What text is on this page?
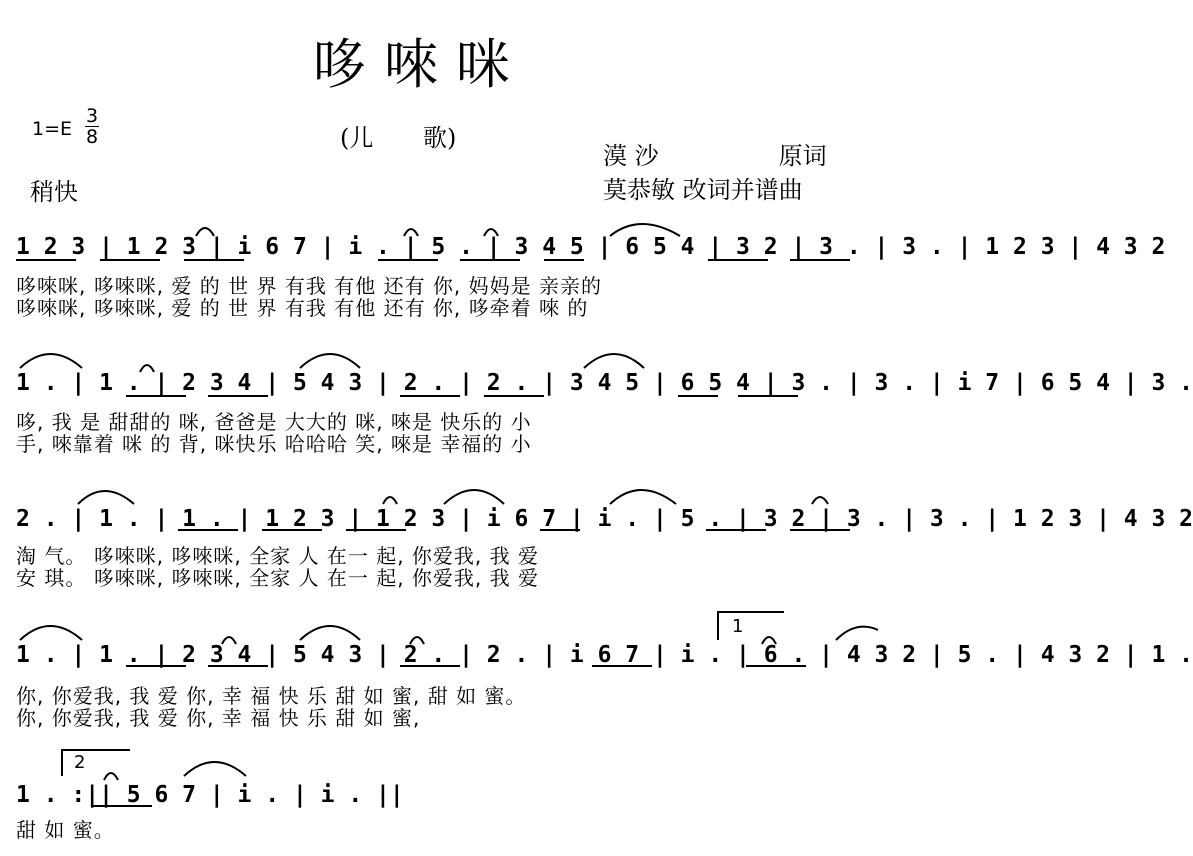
哆唻咪
(儿 歌)
1=E
3
8
稍快
漠 沙	原词
莫恭敏 改词并谱曲
1 2 3 | 1 2 3 | i 6 7 | i . | 5 . | 3 4 5 | 6 5 4 | 3 2 | 3 . | 3 . | 1 2 3 | 4 3 2
哆唻咪, 哆唻咪, 爱 的 世 界 有我 有他 还有 你, 妈妈是 亲亲的
哆唻咪, 哆唻咪, 爱 的 世 界 有我 有他 还有 你, 哆牵着 唻 的
1 . | 1 . | 2 3 4 | 5 4 3 | 2 . | 2 . | 3 4 5 | 6 5 4 | 3 . | 3 . | i 7 | 6 5 4 | 3 .
哆, 我 是 甜甜的 咪, 爸爸是 大大的 咪, 唻是 快乐的 小
手, 唻靠着 咪 的 背, 咪快乐 哈哈哈 笑, 唻是 幸福的 小
2 . | 1 . | 1 . | 1 2 3 | 1 2 3 | i 6 7 | i . | 5 . | 3 2 | 3 . | 3 . | 1 2 3 | 4 3 2
淘 气。 哆唻咪, 哆唻咪, 全家 人 在一 起, 你爱我, 我 爱
安 琪。 哆唻咪, 哆唻咪, 全家 人 在一 起, 你爱我, 我 爱
1 . | 1 . | 2 3 4 | 5 4 3 | 2 . | 2 . | i 6 7 | i . | 6 . | 4 3 2 | 5 . | 4 3 2 | 1 .
你, 你爱我, 我 爱 你, 幸 福 快 乐 甜 如 蜜, 甜 如 蜜。
你, 你爱我, 我 爱 你, 幸 福 快 乐 甜 如 蜜,
1
1 . :|| 5 6 7 | i . | i . ||
甜 如 蜜。
2
